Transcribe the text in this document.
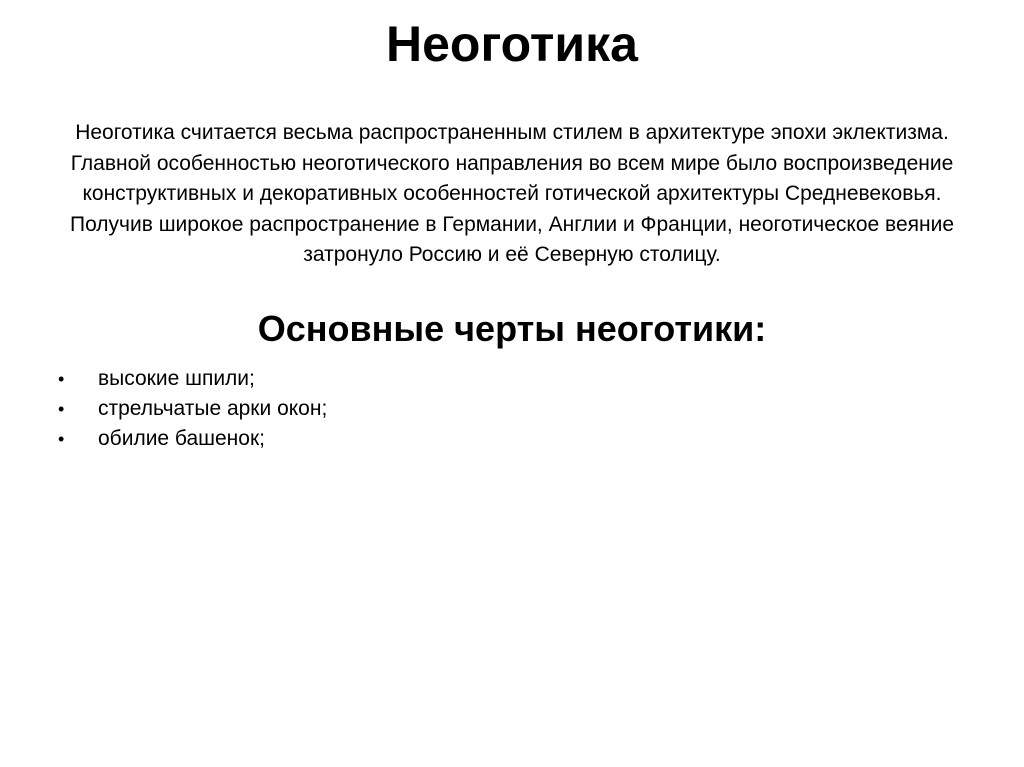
Неоготика

Неоготика считается весьма распространенным стилем в архитектуре эпохи эклектизма. Главной особенностью неоготического направления во всем мире было воспроизведение конструктивных и декоративных особенностей готической архитектуры Средневековья. Получив широкое распространение в Германии, Англии и Франции, неоготическое веяние затронуло Россию и её Северную столицу.

Основные черты неоготики:
• высокие шпили;
• стрельчатые арки окон;
• обилие башенок;
